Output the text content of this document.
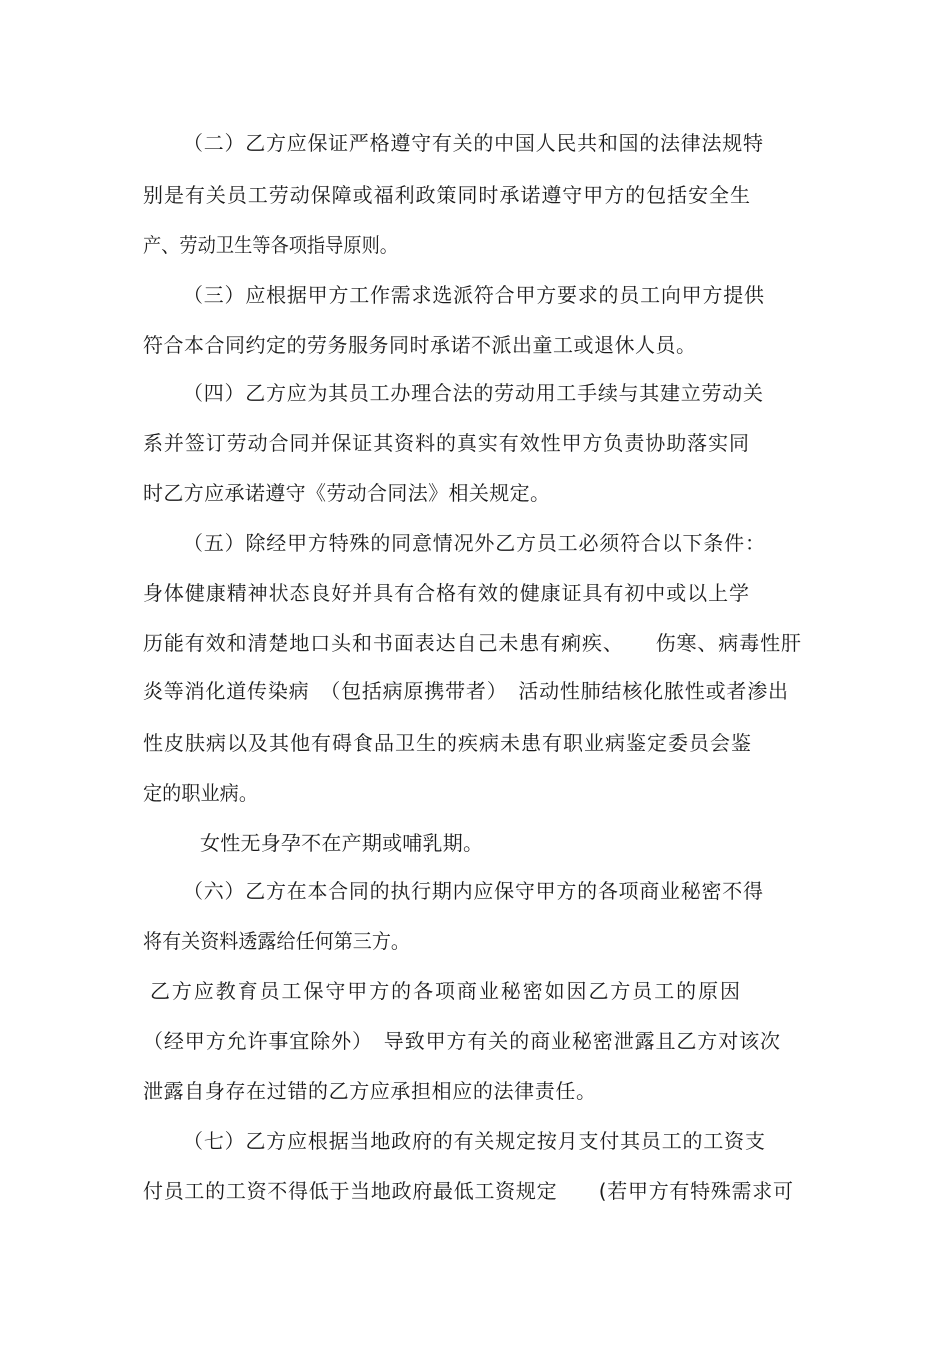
（二）乙方应保证严格遵守有关的中国人民共和国的法律法规特
别是有关员工劳动保障或福利政策同时承诺遵守甲方的包括安全生
产、劳动卫生等各项指导原则。
（三）应根据甲方工作需求选派符合甲方要求的员工向甲方提供
符合本合同约定的劳务服务同时承诺不派出童工或退休人员。
（四）乙方应为其员工办理合法的劳动用工手续与其建立劳动关
系并签订劳动合同并保证其资料的真实有效性甲方负责协助落实同
时乙方应承诺遵守《劳动合同法》相关规定。
（五）除经甲方特殊的同意情况外乙方员工必须符合以下条件：
身体健康精神状态良好并具有合格有效的健康证具有初中或以上学
历能有效和清楚地口头和书面表达自己未患有痢疾、　　伤寒、病毒性肝
炎等消化道传染病　（包括病原携带者）　活动性肺结核化脓性或者渗出
性皮肤病以及其他有碍食品卫生的疾病未患有职业病鉴定委员会鉴
定的职业病。
女性无身孕不在产期或哺乳期。
（六）乙方在本合同的执行期内应保守甲方的各项商业秘密不得
将有关资料透露给任何第三方。
乙方应教育员工保守甲方的各项商业秘密如因乙方员工的原因
（经甲方允许事宜除外）　导致甲方有关的商业秘密泄露且乙方对该次
泄露自身存在过错的乙方应承担相应的法律责任。
（七）乙方应根据当地政府的有关规定按月支付其员工的工资支
付员工的工资不得低于当地政府最低工资规定　　(若甲方有特殊需求可
